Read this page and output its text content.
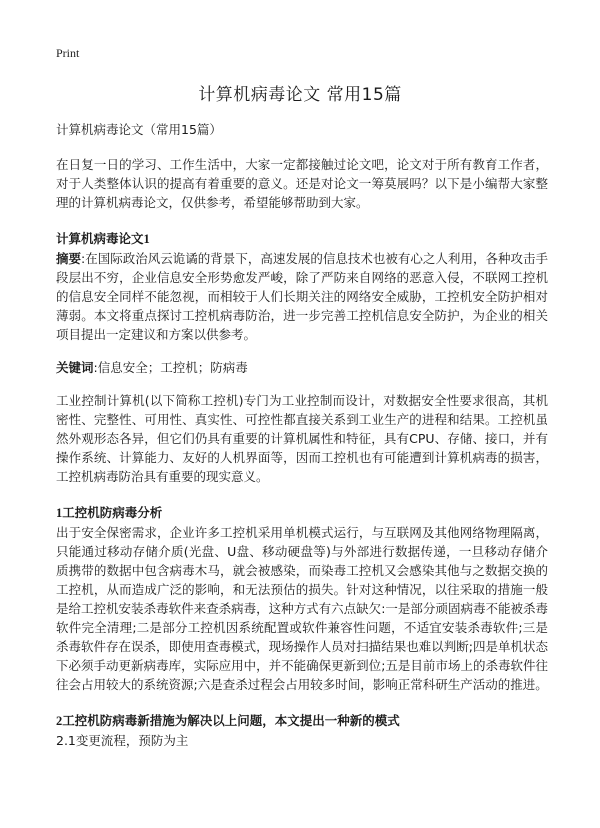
Print
计算机病毒论文 常用15篇

计算机病毒论文（常用15篇）

在日复一日的学习、工作生活中，大家一定都接触过论文吧，论文对于所有教育工作者，对于人类整体认识的提高有着重要的意义。还是对论文一筹莫展吗？以下是小编帮大家整理的计算机病毒论文，仅供参考，希望能够帮助到大家。

计算机病毒论文1

摘要:在国际政治风云诡谲的背景下，高速发展的信息技术也被有心之人利用，各种攻击手段层出不穷，企业信息安全形势愈发严峻，除了严防来自网络的恶意入侵，不联网工控机的信息安全同样不能忽视，而相较于人们长期关注的网络安全威胁，工控机安全防护相对薄弱。本文将重点探讨工控机病毒防治，进一步完善工控机信息安全防护，为企业的相关项目提出一定建议和方案以供参考。

关键词:信息安全；工控机；防病毒

工业控制计算机(以下简称工控机)专门为工业控制而设计，对数据安全性要求很高，其机密性、完整性、可用性、真实性、可控性都直接关系到工业生产的进程和结果。工控机虽然外观形态各异，但它们仍具有重要的计算机属性和特征，具有CPU、存储、接口，并有操作系统、计算能力、友好的人机界面等，因而工控机也有可能遭到计算机病毒的损害，工控机病毒防治具有重要的现实意义。

1工控机防病毒分析

出于安全保密需求，企业许多工控机采用单机模式运行，与互联网及其他网络物理隔离，只能通过移动存储介质(光盘、U盘、移动硬盘等)与外部进行数据传递，一旦移动存储介质携带的数据中包含病毒木马，就会被感染，而染毒工控机又会感染其他与之数据交换的工控机，从而造成广泛的影响，和无法预估的损失。针对这种情况，以往采取的措施一般是给工控机安装杀毒软件来查杀病毒，这种方式有六点缺欠:一是部分顽固病毒不能被杀毒软件完全清理;二是部分工控机因系统配置或软件兼容性问题，不适宜安装杀毒软件;三是杀毒软件存在误杀，即使用查毒模式，现场操作人员对扫描结果也难以判断;四是单机状态下必须手动更新病毒库，实际应用中，并不能确保更新到位;五是目前市场上的杀毒软件往往会占用较大的系统资源;六是查杀过程会占用较多时间，影响正常科研生产活动的推进。

2工控机防病毒新措施为解决以上问题，本文提出一种新的模式

2.1变更流程，预防为主
